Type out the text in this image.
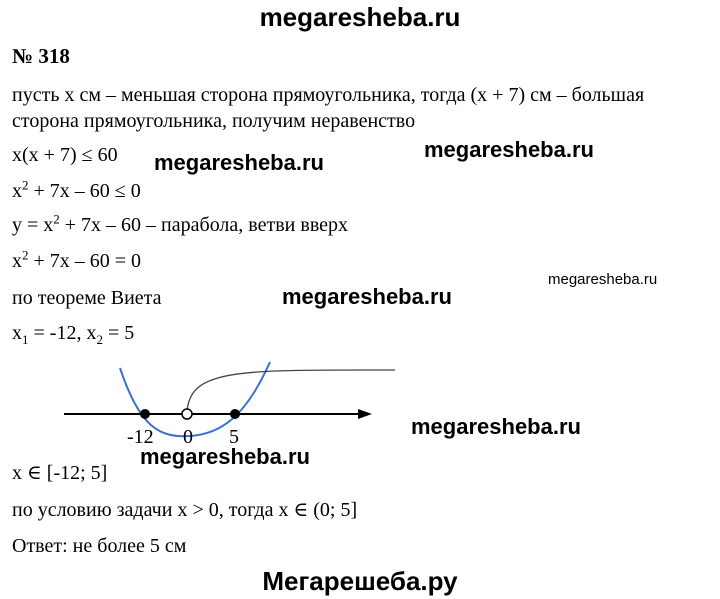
megaresheba.ru
№ 318
пусть х см – меньшая сторона прямоугольника, тогда (х + 7) см – большая
сторона прямоугольника, получим неравенство
х(х + 7) ≤ 60
$х^2 + 7х - 60 \le 0$
$у = х^2 + 7х - 60$ – парабола, ветви вверх
$х^2 + 7х - 60 = 0$
по теореме Виета
$х_1 = -12$, $х_2 = 5$
-12 0 5
х ∈ [-12; 5]
по условию задачи х > 0, тогда х ∈ (0; 5]
Ответ: не более 5 см
Мегарешеба.ру
megaresheba.ru
megaresheba.ru
megaresheba.ru
megaresheba.ru
megaresheba.ru
megaresheba.ru
